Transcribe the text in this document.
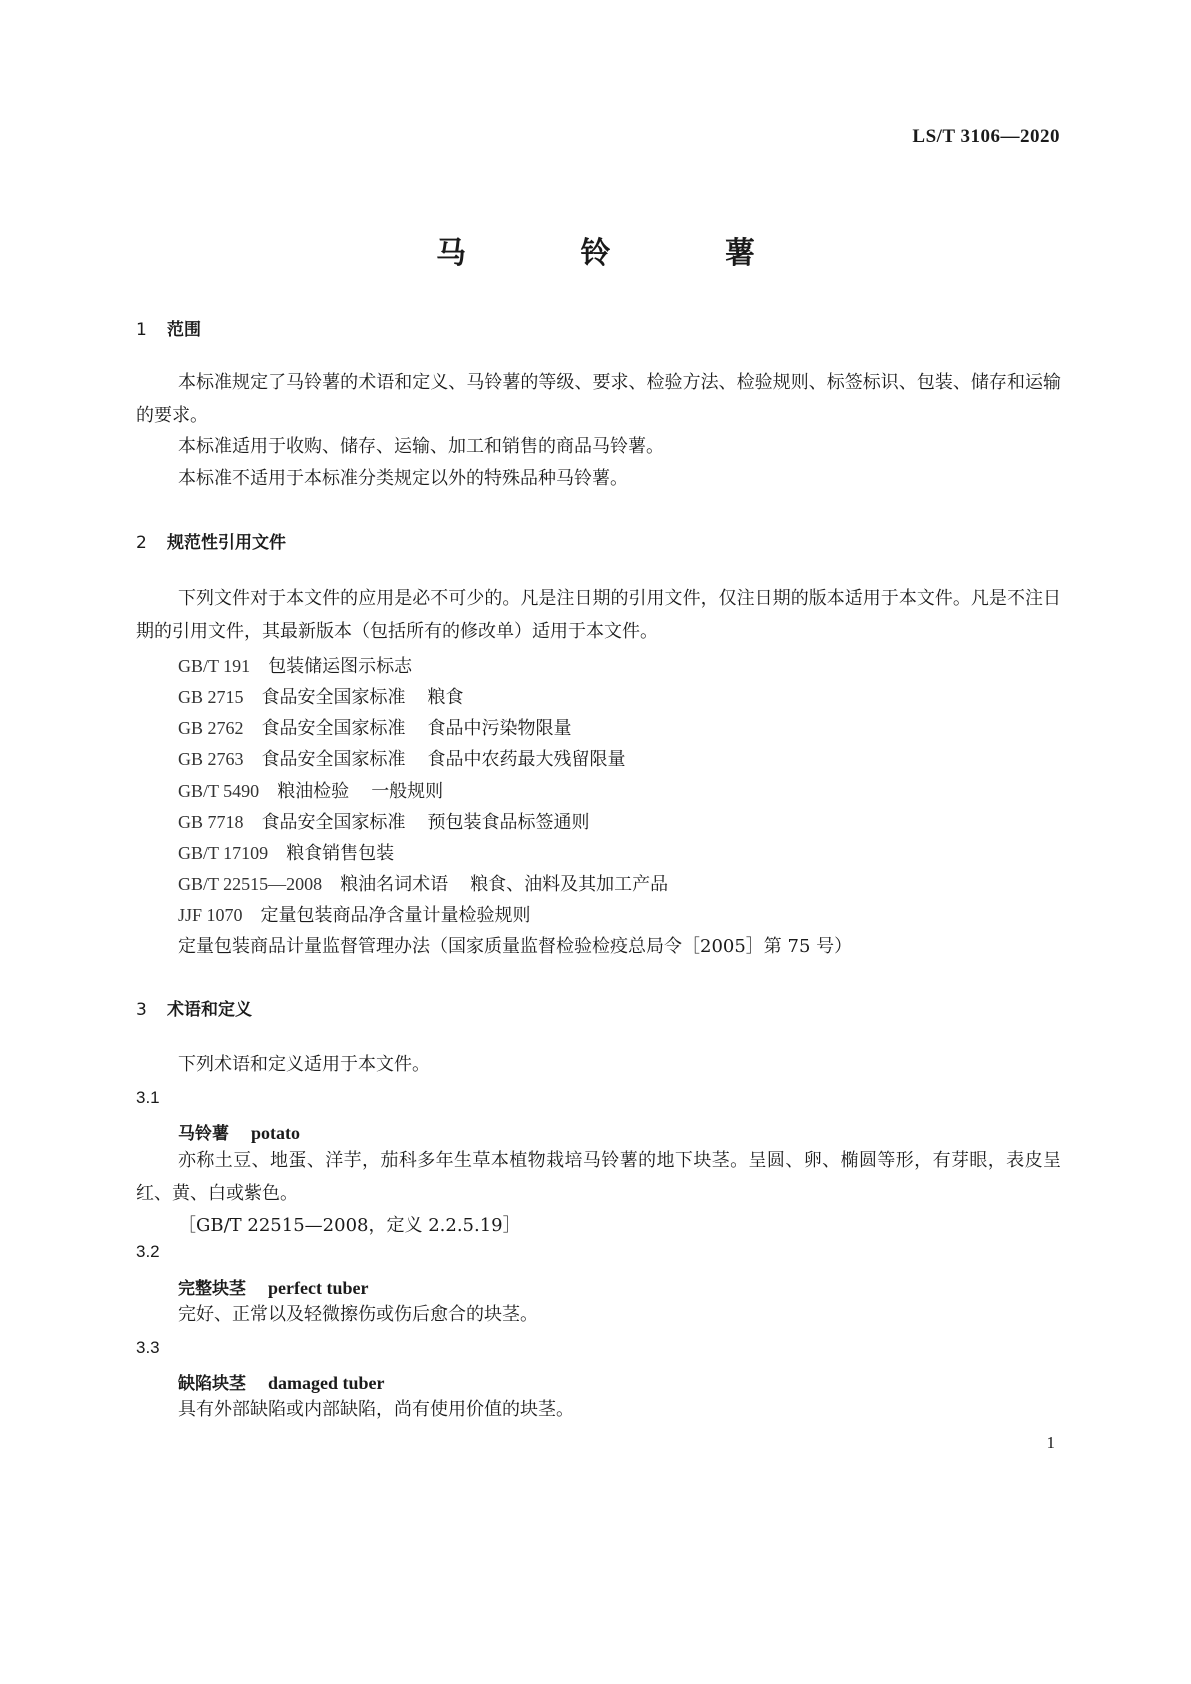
LS/T 3106—2020
马 铃 薯
1 范围
本标准规定了马铃薯的术语和定义、马铃薯的等级、要求、检验方法、检验规则、标签标识、包装、储存和运输的要求。
本标准适用于收购、储存、运输、加工和销售的商品马铃薯。
本标准不适用于本标准分类规定以外的特殊品种马铃薯。
2 规范性引用文件
下列文件对于本文件的应用是必不可少的。凡是注日期的引用文件，仅注日期的版本适用于本文件。凡是不注日期的引用文件，其最新版本（包括所有的修改单）适用于本文件。
GB/T 191 包装储运图示标志
GB 2715 食品安全国家标准 粮食
GB 2762 食品安全国家标准 食品中污染物限量
GB 2763 食品安全国家标准 食品中农药最大残留限量
GB/T 5490 粮油检验 一般规则
GB 7718 食品安全国家标准 预包装食品标签通则
GB/T 17109 粮食销售包装
GB/T 22515—2008 粮油名词术语 粮食、油料及其加工产品
JJF 1070 定量包装商品净含量计量检验规则
定量包装商品计量监督管理办法（国家质量监督检验检疫总局令［2005］第 75 号）
3 术语和定义
下列术语和定义适用于本文件。
3.1
马铃薯 potato
亦称土豆、地蛋、洋芋，茄科多年生草本植物栽培马铃薯的地下块茎。呈圆、卵、椭圆等形，有芽眼，表皮呈红、黄、白或紫色。
［GB/T 22515—2008，定义 2.2.5.19］
3.2
完整块茎 perfect tuber
完好、正常以及轻微擦伤或伤后愈合的块茎。
3.3
缺陷块茎 damaged tuber
具有外部缺陷或内部缺陷，尚有使用价值的块茎。
1
